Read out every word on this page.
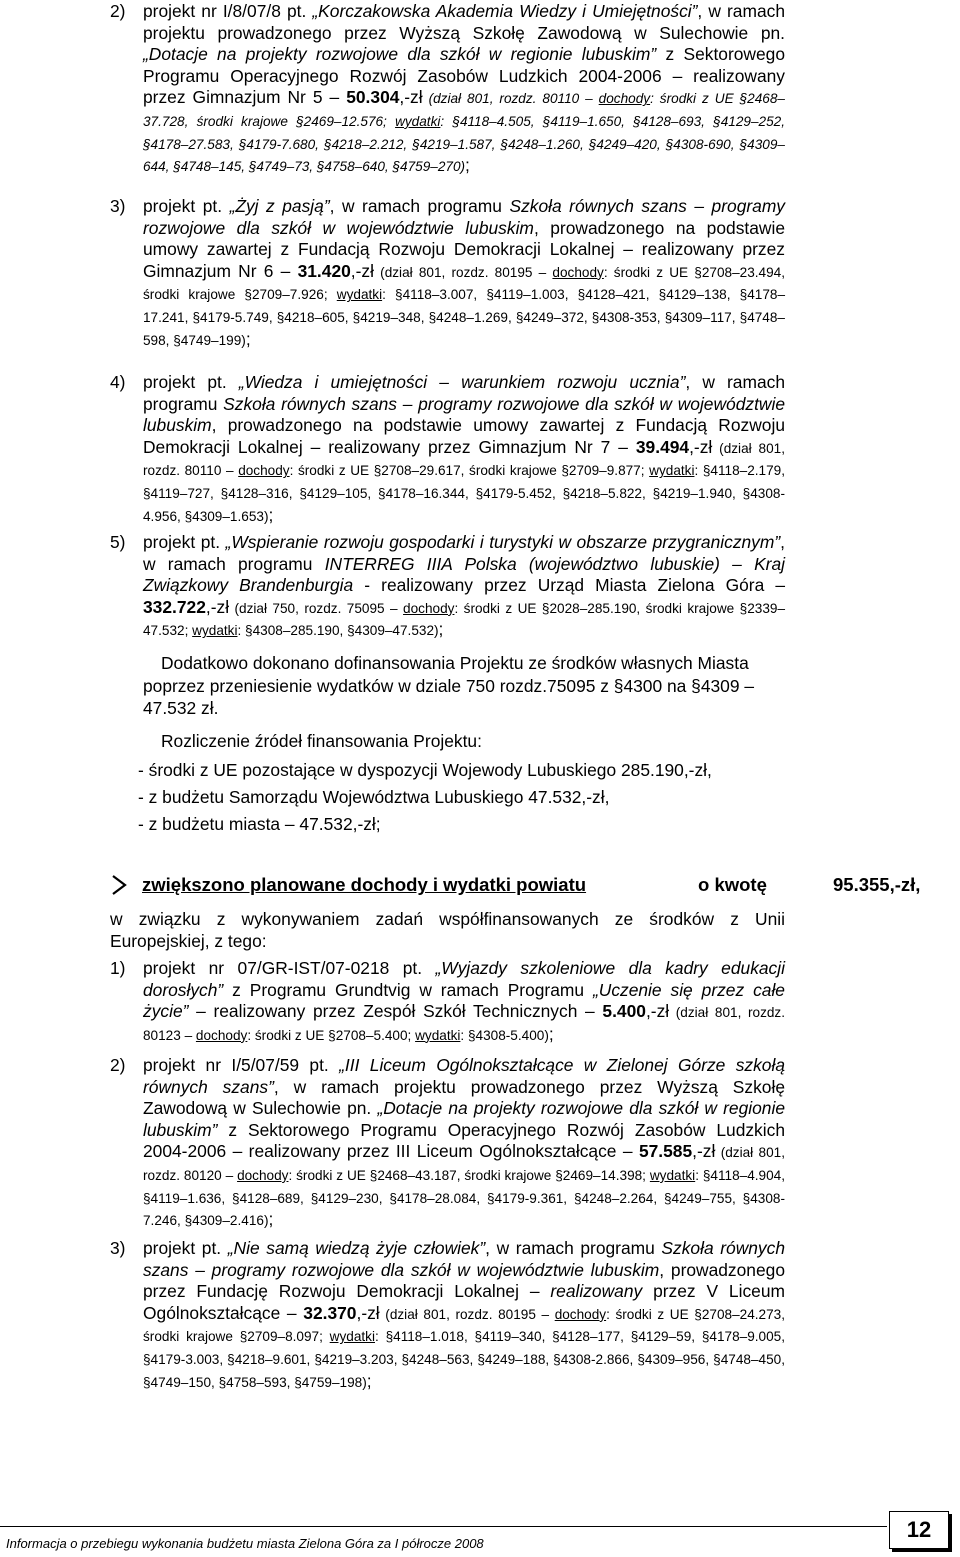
2) projekt nr I/8/07/8 pt. „Korczakowska Akademia Wiedzy i Umiejętności”, w ramach projektu prowadzonego przez Wyższą Szkołę Zawodową w Sulechowie pn. „Dotacje na projekty rozwojowe dla szkół w regionie lubuskim” z Sektorowego Programu Operacyjnego Rozwój Zasobów Ludzkich 2004-2006 – realizowany przez Gimnazjum Nr 5 – 50.304,-zł (dział 801, rozdz. 80110 – dochody: środki z UE §2468–37.728, środki krajowe §2469–12.576; wydatki: §4118–4.505, §4119–1.650, §4128–693, §4129–252, §4178–27.583, §4179-7.680, §4218–2.212, §4219–1.587, §4248–1.260, §4249–420, §4308-690, §4309–644, §4748–145, §4749–73, §4758–640, §4759–270);
3) projekt pt. „Żyj z pasją”, w ramach programu Szkoła równych szans – programy rozwojowe dla szkół w województwie lubuskim, prowadzonego na podstawie umowy zawartej z Fundacją Rozwoju Demokracji Lokalnej – realizowany przez Gimnazjum Nr 6 – 31.420,-zł (dział 801, rozdz. 80195 – dochody: środki z UE §2708–23.494, środki krajowe §2709–7.926; wydatki: §4118–3.007, §4119–1.003, §4128–421, §4129–138, §4178–17.241, §4179-5.749, §4218–605, §4219–348, §4248–1.269, §4249–372, §4308-353, §4309–117, §4748–598, §4749–199);
4) projekt pt. „Wiedza i umiejętności – warunkiem rozwoju ucznia”, w ramach programu Szkoła równych szans – programy rozwojowe dla szkół w województwie lubuskim, prowadzonego na podstawie umowy zawartej z Fundacją Rozwoju Demokracji Lokalnej – realizowany przez Gimnazjum Nr 7 – 39.494,-zł (dział 801, rozdz. 80110 – dochody: środki z UE §2708–29.617, środki krajowe §2709–9.877; wydatki: §4118–2.179, §4119–727, §4128–316, §4129–105, §4178–16.344, §4179-5.452, §4218–5.822, §4219–1.940, §4308-4.956, §4309–1.653);
5) projekt pt. „Wspieranie rozwoju gospodarki i turystyki w obszarze przygranicznym”, w ramach programu INTERREG IIIA Polska (województwo lubuskie) – Kraj Związkowy Brandenburgia - realizowany przez Urząd Miasta Zielona Góra – 332.722,-zł (dział 750, rozdz. 75095 – dochody: środki z UE §2028–285.190, środki krajowe §2339–47.532; wydatki: §4308–285.190, §4309–47.532);
Dodatkowo dokonano dofinansowania Projektu ze środków własnych Miasta poprzez przeniesienie wydatków w dziale 750 rozdz.75095 z §4300 na §4309 – 47.532 zł.
Rozliczenie źródeł finansowania Projektu:
- środki z UE pozostające w dyspozycji Wojewody Lubuskiego 285.190,-zł,
- z budżetu Samorządu Województwa Lubuskiego 47.532,-zł,
- z budżetu miasta – 47.532,-zł;
zwiększono planowane dochody i wydatki powiatu	o kwotę	95.355,-zł,
w związku z wykonywaniem zadań współfinansowanych ze środków z Unii Europejskiej, z tego:
1) projekt nr 07/GR-IST/07-0218 pt. „Wyjazdy szkoleniowe dla kadry edukacji dorosłych” z Programu Grundtvig w ramach Programu „Uczenie się przez całe życie” – realizowany przez Zespół Szkół Technicznych – 5.400,-zł (dział 801, rozdz. 80123 – dochody: środki z UE §2708–5.400; wydatki: §4308-5.400);
2) projekt nr I/5/07/59 pt. „III Liceum Ogólnokształcące w Zielonej Górze szkołą równych szans”, w ramach projektu prowadzonego przez Wyższą Szkołę Zawodową w Sulechowie pn. „Dotacje na projekty rozwojowe dla szkół w regionie lubuskim” z Sektorowego Programu Operacyjnego Rozwój Zasobów Ludzkich 2004-2006 – realizowany przez III Liceum Ogólnokształcące – 57.585,-zł (dział 801, rozdz. 80120 – dochody: środki z UE §2468–43.187, środki krajowe §2469–14.398; wydatki: §4118–4.904, §4119–1.636, §4128–689, §4129–230, §4178–28.084, §4179-9.361, §4248–2.264, §4249–755, §4308-7.246, §4309–2.416);
3) projekt pt. „Nie samą wiedzą żyje człowiek”, w ramach programu Szkoła równych szans – programy rozwojowe dla szkół w województwie lubuskim, prowadzonego przez Fundację Rozwoju Demokracji Lokalnej – realizowany przez V Liceum Ogólnokształcące – 32.370,-zł (dział 801, rozdz. 80195 – dochody: środki z UE §2708–24.273, środki krajowe §2709–8.097; wydatki: §4118–1.018, §4119–340, §4128–177, §4129–59, §4178–9.005, §4179-3.003, §4218–9.601, §4219–3.203, §4248–563, §4249–188, §4308-2.866, §4309–956, §4748–450, §4749–150, §4758–593, §4759–198);
Informacja o przebiegu wykonania budżetu miasta Zielona Góra za I półrocze 2008
12
